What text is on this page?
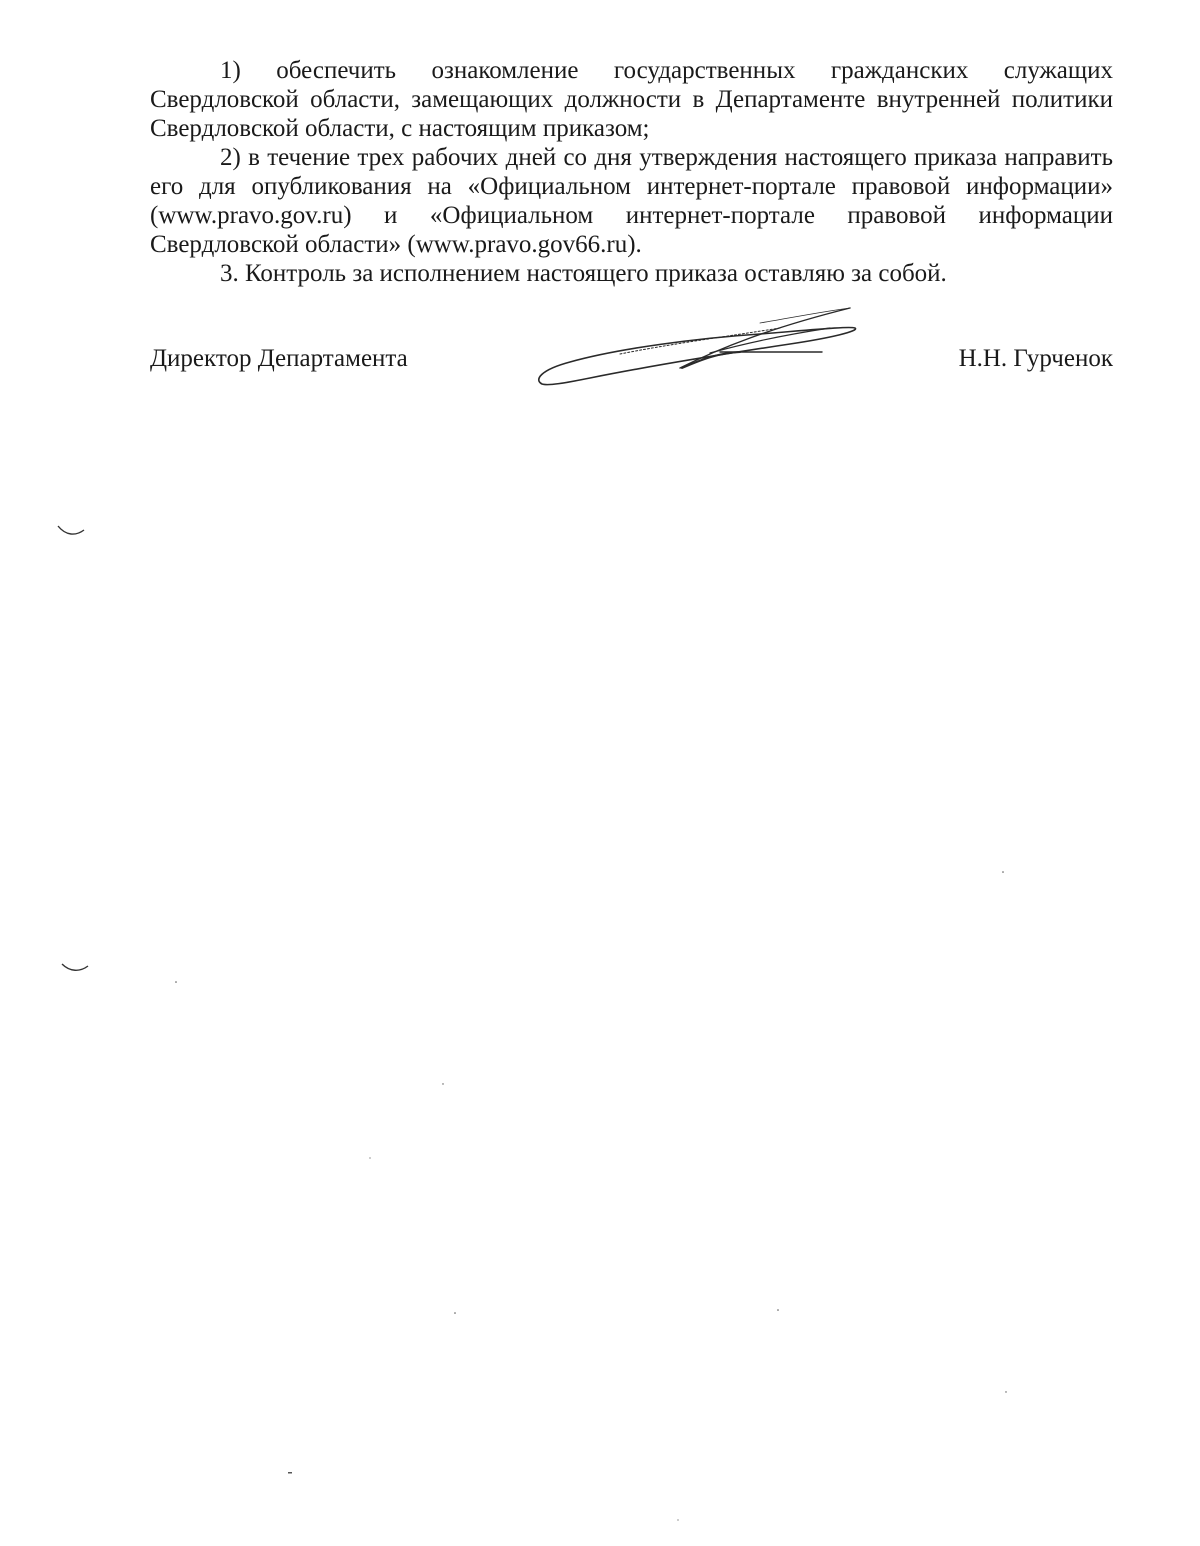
1) обеспечить ознакомление государственных гражданских служащих Свердловской области, замещающих должности в Департаменте внутренней политики Свердловской области, с настоящим приказом;

2) в течение трех рабочих дней со дня утверждения настоящего приказа направить его для опубликования на «Официальном интернет-портале правовой информации» (www.pravo.gov.ru) и «Официальном интернет-портале правовой информации Свердловской области» (www.pravo.gov66.ru).

3. Контроль за исполнением настоящего приказа оставляю за собой.

Директор Департамента	Н.Н. Гурченок
